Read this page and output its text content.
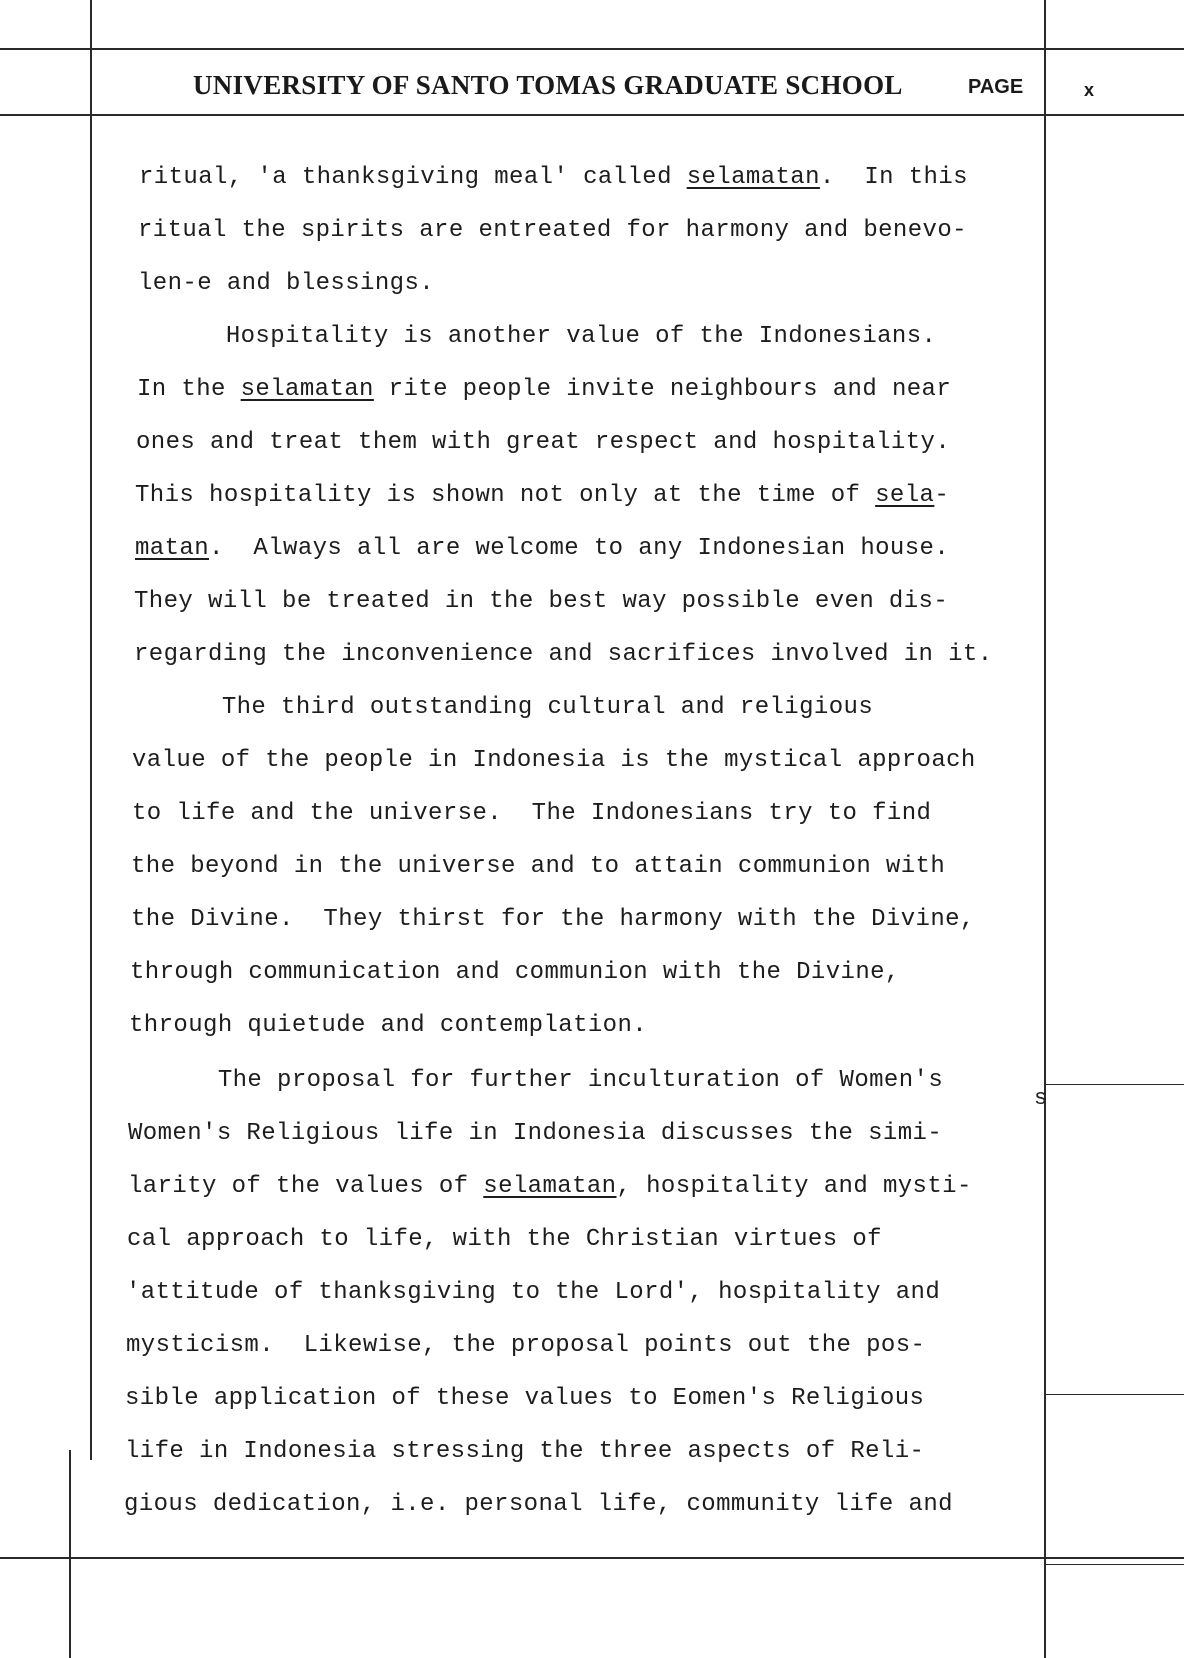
UNIVERSITY OF SANTO TOMAS GRADUATE SCHOOL	PAGE	x
ritual, 'a thanksgiving meal' called selamatan.  In this
ritual the spirits are entreated for harmony and benevo-
len-e and blessings.
Hospitality is another value of the Indonesians.
In the selamatan rite people invite neighbours and near
ones and treat them with great respect and hospitality.
This hospitality is shown not only at the time of sela-
matan.  Always all are welcome to any Indonesian house.
They will be treated in the best way possible even dis-
regarding the inconvenience and sacrifices involved in it.
The third outstanding cultural and religious
value of the people in Indonesia is the mystical approach
to life and the universe.  The Indonesians try to find
the beyond in the universe and to attain communion with
the Divine.  They thirst for the harmony with the Divine,
through communication and communion with the Divine,
through quietude and contemplation.
The proposal for further inculturation of Women's
Women's Religious life in Indonesia discusses the simi-
larity of the values of selamatan, hospitality and mysti-
cal approach to life, with the Christian virtues of
'attitude of thanksgiving to the Lord', hospitality and
mysticism.  Likewise, the proposal points out the pos-
sible application of these values to Eomen's Religious
life in Indonesia stressing the three aspects of Reli-
gious dedication, i.e. personal life, community life and
s
